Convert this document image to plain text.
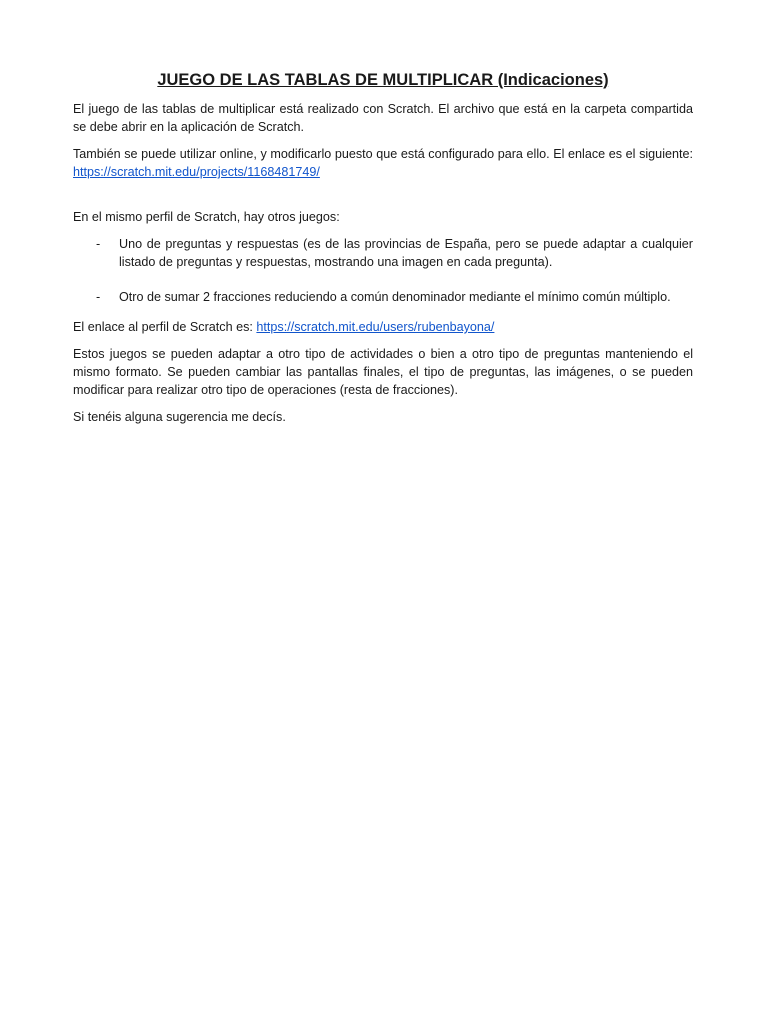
JUEGO DE LAS TABLAS DE MULTIPLICAR (Indicaciones)

El juego de las tablas de multiplicar está realizado con Scratch. El archivo que está en la carpeta compartida se debe abrir en la aplicación de Scratch.

También se puede utilizar online, y modificarlo puesto que está configurado para ello. El enlace es el siguiente: https://scratch.mit.edu/projects/1168481749/

En el mismo perfil de Scratch, hay otros juegos:

- Uno de preguntas y respuestas (es de las provincias de España, pero se puede adaptar a cualquier listado de preguntas y respuestas, mostrando una imagen en cada pregunta).
- Otro de sumar 2 fracciones reduciendo a común denominador mediante el mínimo común múltiplo.

El enlace al perfil de Scratch es: https://scratch.mit.edu/users/rubenbayona/

Estos juegos se pueden adaptar a otro tipo de actividades o bien a otro tipo de preguntas manteniendo el mismo formato. Se pueden cambiar las pantallas finales, el tipo de preguntas, las imágenes, o se pueden modificar para realizar otro tipo de operaciones (resta de fracciones).

Si tenéis alguna sugerencia me decís.
